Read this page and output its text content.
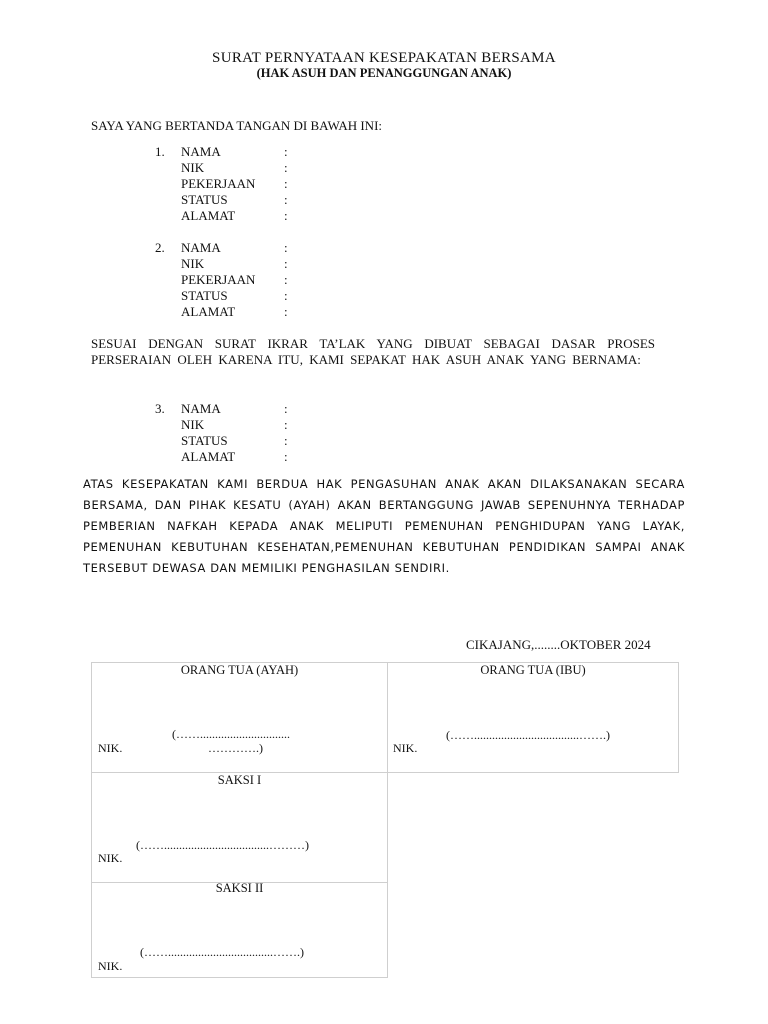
SURAT PERNYATAAN KESEPAKATAN BERSAMA
(HAK ASUH DAN PENANGGUNGAN ANAK)
SAYA YANG BERTANDA TANGAN DI BAWAH INI:
1. NAMA	:
NIK	:
PEKERJAAN :
STATUS	:
ALAMAT	:
2. NAMA	:
NIK	:
PEKERJAAN :
STATUS	:
ALAMAT	:
SESUAI DENGAN SURAT IKRAR TA’LAK YANG DIBUAT SEBAGAI DASAR PROSES PERSERAIAN OLEH KARENA ITU, KAMI SEPAKAT HAK ASUH ANAK YANG BERNAMA:
3. NAMA	:
NIK	:
STATUS	:
ALAMAT	:
ATAS KESEPAKATAN KAMI BERDUA HAK PENGASUHAN ANAK AKAN DILAKSANAKAN SECARA BERSAMA, DAN PIHAK KESATU (AYAH) AKAN BERTANGGUNG JAWAB SEPENUHNYA TERHADAP PEMBERIAN NAFKAH KEPADA ANAK MELIPUTI PEMENUHAN PENGHIDUPAN YANG LAYAK, PEMENUHAN KEBUTUHAN KESEHATAN,PEMENUHAN KEBUTUHAN PENDIDIKAN SAMPAI ANAK TERSEBUT DEWASA DAN MEMILIKI PENGHASILAN SENDIRI.
CIKAJANG,........OKTOBER 2024
ORANG TUA (AYAH)
(……..............................
………….)
NIK.
ORANG TUA (IBU)
(……...................................…….)
NIK.
SAKSI I
(……...................................………)
NIK.
SAKSI II
(……...................................…….)
NIK.
